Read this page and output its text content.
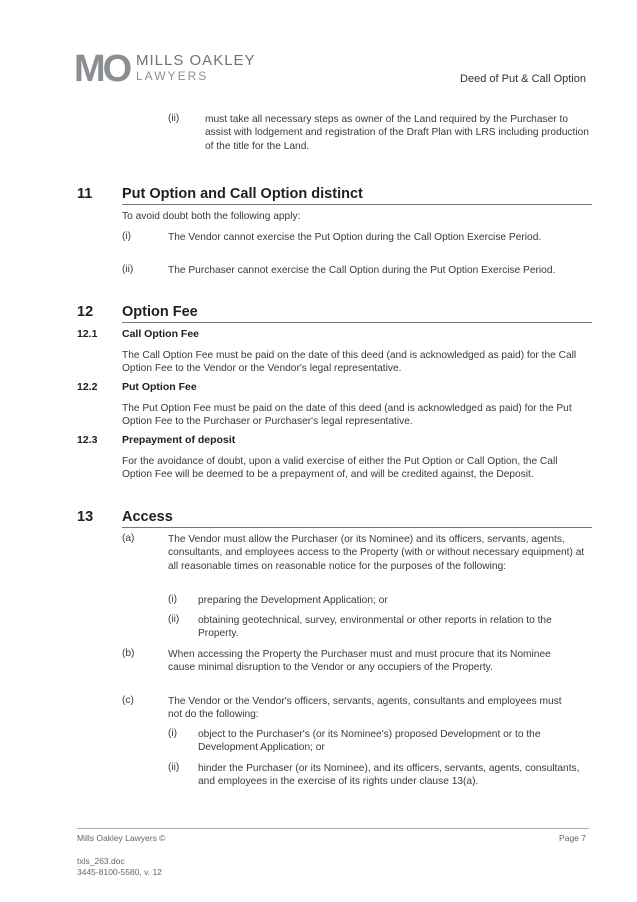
MO MILLS OAKLEY
LAWYERS	Deed of Put & Call Option
(ii)	must take all necessary steps as owner of the Land required by the Purchaser to assist with lodgement and registration of the Draft Plan with LRS including production of the title for the Land.
11 Put Option and Call Option distinct
To avoid doubt both the following apply:
(i)	The Vendor cannot exercise the Put Option during the Call Option Exercise Period.
(ii)	The Purchaser cannot exercise the Call Option during the Put Option Exercise Period.
12 Option Fee
12.1 Call Option Fee
The Call Option Fee must be paid on the date of this deed (and is acknowledged as paid) for the Call Option Fee to the Vendor or the Vendor's legal representative.
12.2 Put Option Fee
The Put Option Fee must be paid on the date of this deed (and is acknowledged as paid) for the Put Option Fee to the Purchaser or Purchaser's legal representative.
12.3 Prepayment of deposit
For the avoidance of doubt, upon a valid exercise of either the Put Option or Call Option, the Call Option Fee will be deemed to be a prepayment of, and will be credited against, the Deposit.
13 Access
(a)	The Vendor must allow the Purchaser (or its Nominee) and its officers, servants, agents, consultants, and employees access to the Property (with or without necessary equipment) at all reasonable times on reasonable notice for the purposes of the following:
(i) preparing the Development Application; or
(ii) obtaining geotechnical, survey, environmental or other reports in relation to the Property.
(b)	When accessing the Property the Purchaser must and must procure that its Nominee cause minimal disruption to the Vendor or any occupiers of the Property.
(c)	The Vendor or the Vendor's officers, servants, agents, consultants and employees must not do the following:
(i) object to the Purchaser's (or its Nominee's) proposed Development or to the Development Application; or
(ii) hinder the Purchaser (or its Nominee), and its officers, servants, agents, consultants, and employees in the exercise of its rights under clause 13(a).
Mills Oakley Lawyers ©	Page 7
txls_263.doc
3445-8100-5580, v. 12
